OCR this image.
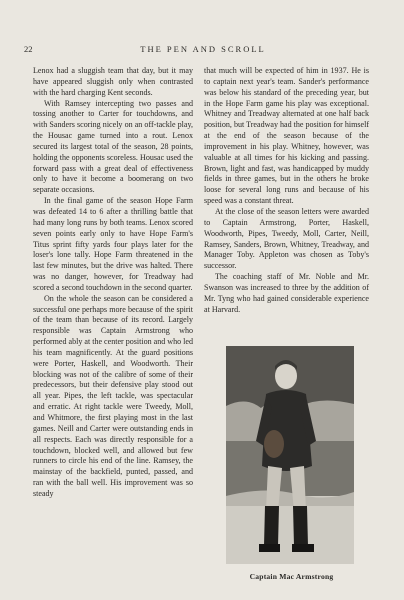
22	THE PEN AND SCROLL

Lenox had a sluggish team that day, but it may have appeared sluggish only when contrasted with the hard charging Kent seconds.

With Ramsey intercepting two passes and tossing another to Carter for touchdowns, and with Sanders scoring nicely on an off-tackle play, the Housac game turned into a rout. Lenox secured its largest total of the season, 28 points, holding the opponents scoreless. Housac used the forward pass with a great deal of effectiveness only to have it become a boomerang on two separate occasions.

In the final game of the season Hope Farm was defeated 14 to 6 after a thrilling battle that had many long runs by both teams. Lenox scored seven points early only to have Hope Farm's Titus sprint fifty yards four plays later for the loser's lone tally. Hope Farm threatened in the last few minutes, but the drive was halted. There was no danger, however, for Treadway had scored a second touchdown in the second quarter.

On the whole the season can be considered a successful one perhaps more because of the spirit of the team than because of its record. Largely responsible was Captain Armstrong who performed ably at the center position and who led his team magnificently. At the guard positions were Porter, Haskell, and Woodworth. Their blocking was not of the calibre of some of their predecessors, but their defensive play stood out all year. Pipes, the left tackle, was spectacular and erratic. At right tackle were Tweedy, Moll, and Whitmore, the first playing most in the last games. Neill and Carter were outstanding ends in all respects. Each was directly responsible for a touchdown, blocked well, and allowed but few runners to circle his end of the line. Ramsey, the mainstay of the backfield, punted, passed, and ran with the ball well. His improvement was so steady

that much will be expected of him in 1937. He is to captain next year's team. Sander's performance was below his standard of the preceding year, but in the Hope Farm game his play was exceptional. Whitney and Treadway alternated at one half back position, but Treadway had the position for himself at the end of the season because of the improvement in his play. Whitney, however, was valuable at all times for his kicking and passing. Brown, light and fast, was handicapped by muddy fields in three games, but in the others he broke loose for several long runs and because of his speed was a constant threat.

At the close of the season letters were awarded to Captain Armstrong, Porter, Haskell, Woodworth, Pipes, Tweedy, Moll, Carter, Neill, Ramsey, Sanders, Brown, Whitney, Treadway, and Manager Toby. Appleton was chosen as Toby's successor.

The coaching staff of Mr. Noble and Mr. Swanson was increased to three by the addition of Mr. Tyng who had gained considerable experience at Harvard.

Captain Mac Armstrong
